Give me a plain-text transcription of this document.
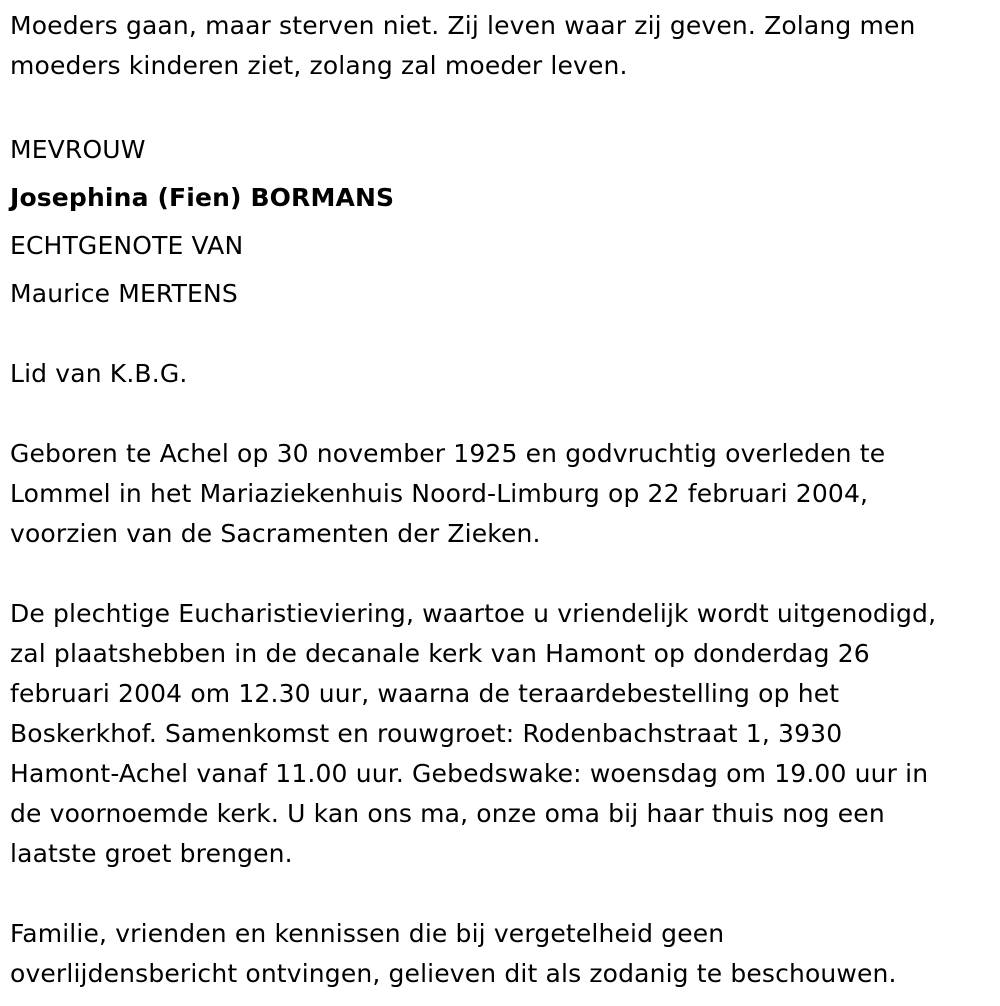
Moeders gaan, maar sterven niet. Zij leven waar zij geven. Zolang men
moeders kinderen ziet, zolang zal moeder leven.
MEVROUW
Josephina (Fien) BORMANS
ECHTGENOTE VAN
Maurice MERTENS
Lid van K.B.G.
Geboren te Achel op 30 november 1925 en godvruchtig overleden te
Lommel in het Mariaziekenhuis Noord-Limburg op 22 februari 2004,
voorzien van de Sacramenten der Zieken.
De plechtige Eucharistieviering, waartoe u vriendelijk wordt uitgenodigd,
zal plaatshebben in de decanale kerk van Hamont op donderdag 26
februari 2004 om 12.30 uur, waarna de teraardebestelling op het
Boskerkhof. Samenkomst en rouwgroet: Rodenbachstraat 1, 3930
Hamont-Achel vanaf 11.00 uur. Gebedswake: woensdag om 19.00 uur in
de voornoemde kerk. U kan ons ma, onze oma bij haar thuis nog een
laatste groet brengen.
Familie, vrienden en kennissen die bij vergetelheid geen
overlijdensbericht ontvingen, gelieven dit als zodanig te beschouwen.
